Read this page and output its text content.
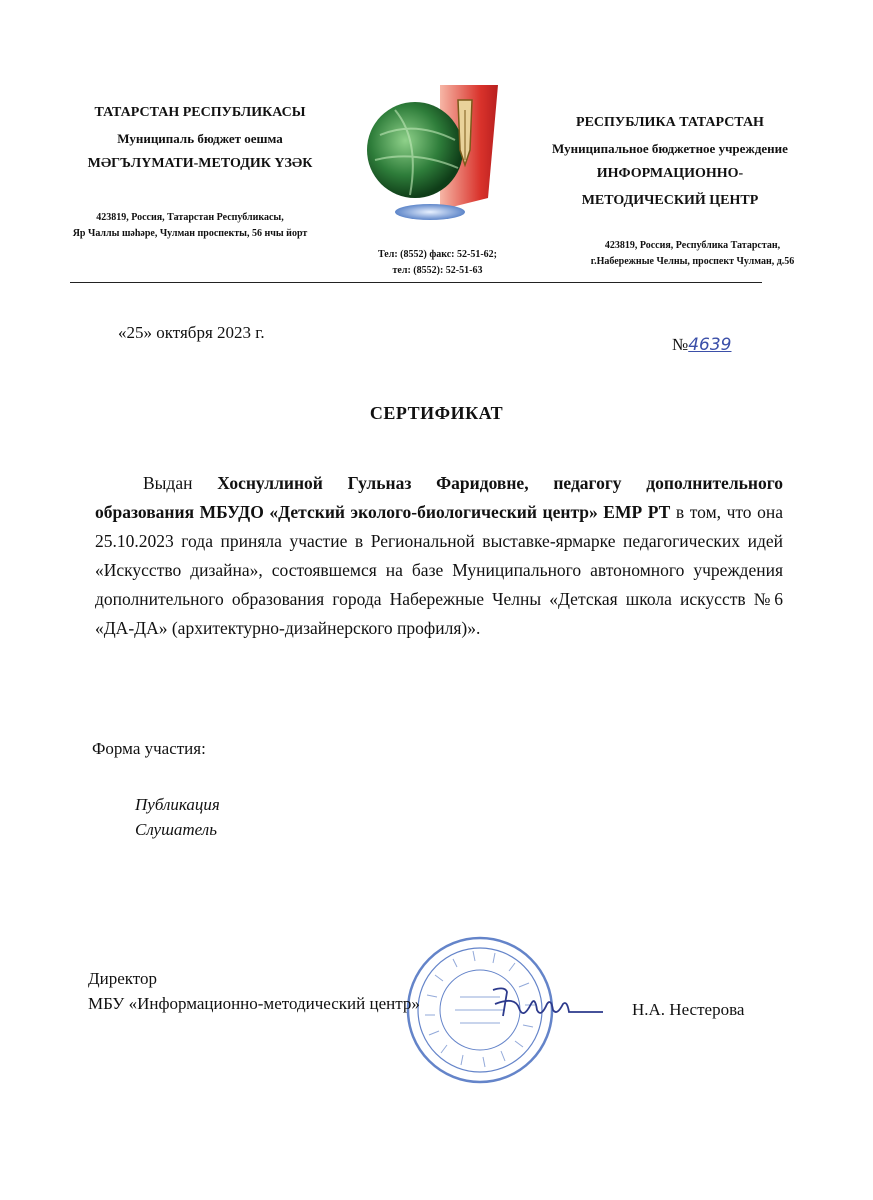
ТАТАРСТАН РЕСПУБЛИКАСЫ
Муниципаль бюджет оешма
МӘГЪЛҮМАТИ-МЕТОДИК ҮЗӘК
423819, Россия, Татарстан Республикасы,
Яр Чаллы шәһәре, Чулман проспекты, 56 нчы йорт
РЕСПУБЛИКА ТАТАРСТАН
Муниципальное бюджетное учреждение
ИНФОРМАЦИОННО-
МЕТОДИЧЕСКИЙ ЦЕНТР
423819, Россия, Республика Татарстан,
г.Набережные Челны, проспект Чулман, д.56
Тел: (8552) факс: 52-51-62;
тел: (8552): 52-51-63
«25» октября 2023 г.
№4639
СЕРТИФИКАТ
Выдан Хоснуллиной Гульназ Фаридовне, педагогу дополнительного образования МБУДО «Детский эколого-биологический центр» ЕМР РТ в том, что она 25.10.2023 года приняла участие в Региональной выставке-ярмарке педагогических идей «Искусство дизайна», состоявшемся на базе Муниципального автономного учреждения дополнительного образования города Набережные Челны «Детская школа искусств №6 «ДА-ДА» (архитектурно-дизайнерского профиля)».
Форма участия:
Публикация
Слушатель
Директор
МБУ «Информационно-методический центр»	Н.А. Нестерова
